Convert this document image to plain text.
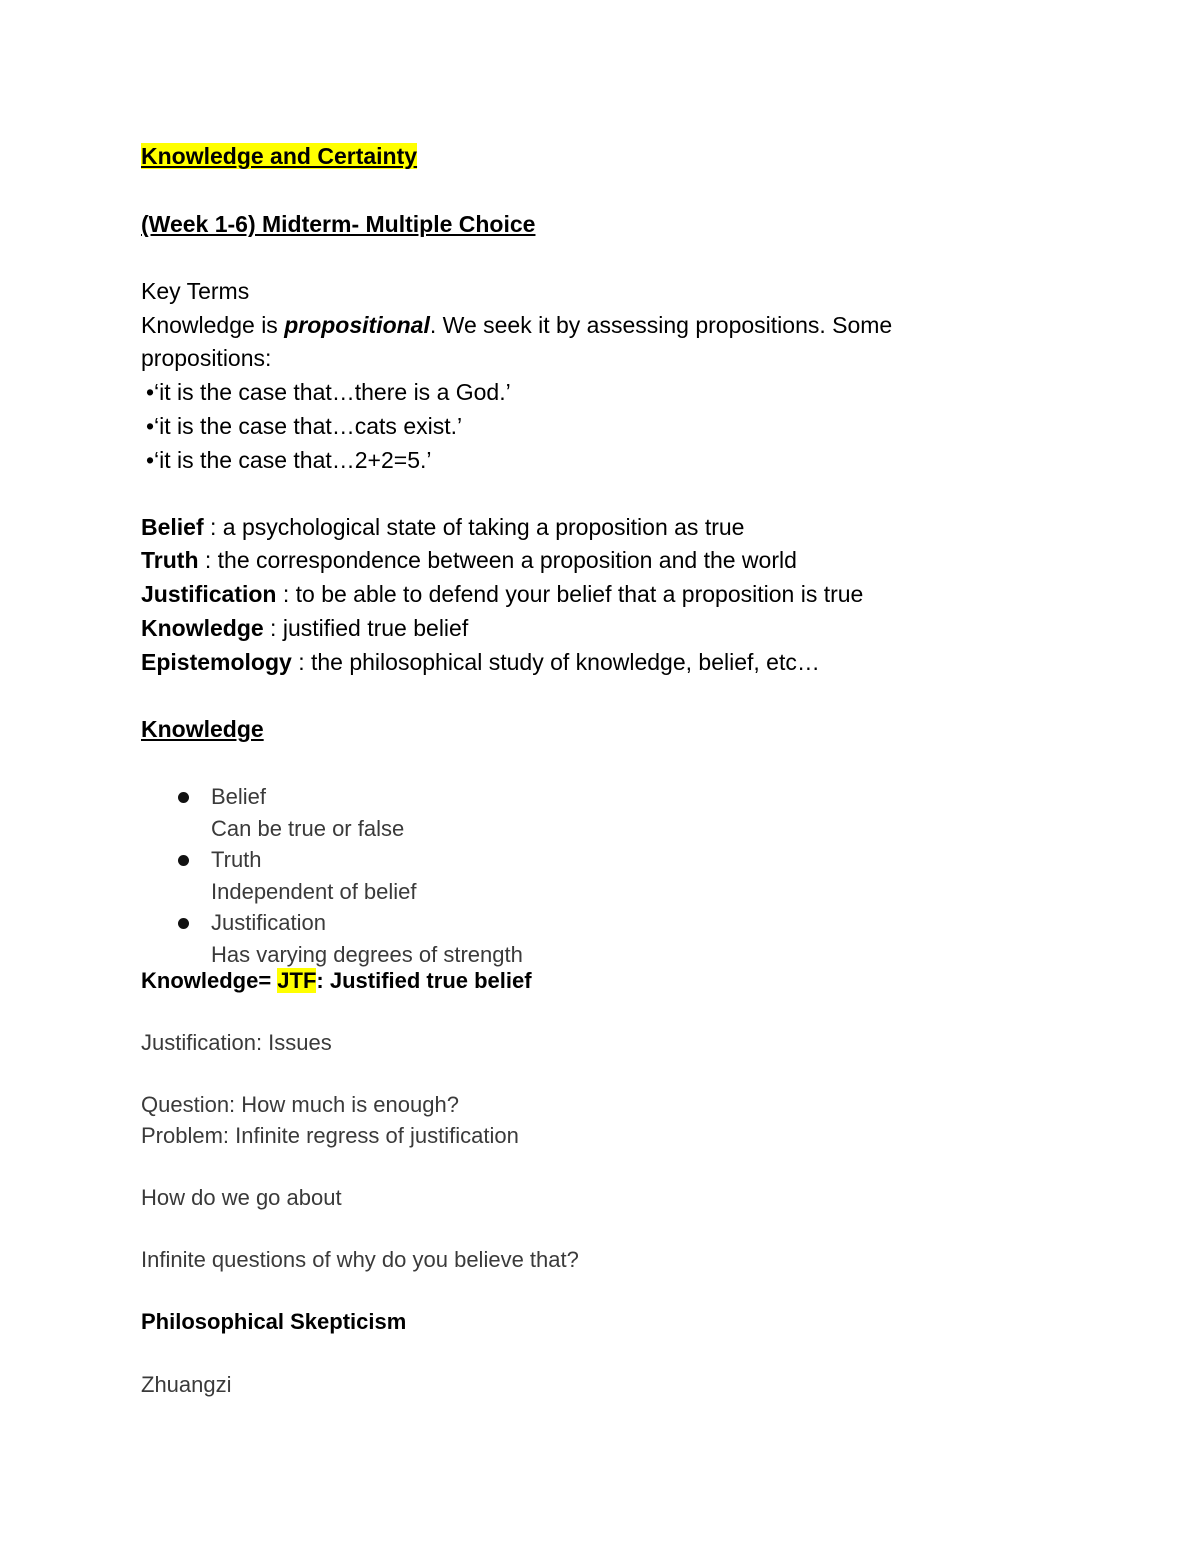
Knowledge and Certainty
(Week 1-6) Midterm- Multiple Choice
Key Terms
Knowledge is propositional. We seek it by assessing propositions. Some
propositions:
•‘it is the case that…there is a God.’
•‘it is the case that…cats exist.’
•‘it is the case that…2+2=5.’
Belief : a psychological state of taking a proposition as true
Truth : the correspondence between a proposition and the world
Justification : to be able to defend your belief that a proposition is true
Knowledge : justified true belief
Epistemology : the philosophical study of knowledge, belief, etc…
Knowledge
Belief
Can be true or false
Truth
Independent of belief
Justification
Has varying degrees of strength
Knowledge= JTF: Justified true belief
Justification: Issues
Question: How much is enough?
Problem: Infinite regress of justification
How do we go about
Infinite questions of why do you believe that?
Philosophical Skepticism
Zhuangzi
